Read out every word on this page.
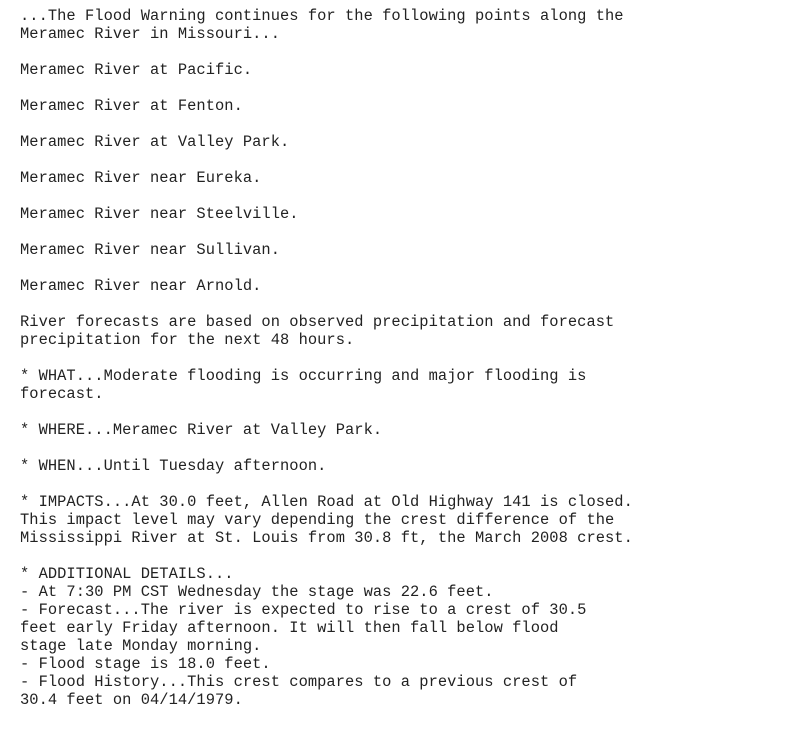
...The Flood Warning continues for the following points along the
Meramec River in Missouri...
Meramec River at Pacific.
Meramec River at Fenton.
Meramec River at Valley Park.
Meramec River near Eureka.
Meramec River near Steelville.
Meramec River near Sullivan.
Meramec River near Arnold.
River forecasts are based on observed precipitation and forecast
precipitation for the next 48 hours.
* WHAT...Moderate flooding is occurring and major flooding is
forecast.
* WHERE...Meramec River at Valley Park.
* WHEN...Until Tuesday afternoon.
* IMPACTS...At 30.0 feet, Allen Road at Old Highway 141 is closed.
This impact level may vary depending the crest difference of the
Mississippi River at St. Louis from 30.8 ft, the March 2008 crest.
* ADDITIONAL DETAILS...
- At 7:30 PM CST Wednesday the stage was 22.6 feet.
- Forecast...The river is expected to rise to a crest of 30.5
feet early Friday afternoon. It will then fall below flood
stage late Monday morning.
- Flood stage is 18.0 feet.
- Flood History...This crest compares to a previous crest of
30.4 feet on 04/14/1979.
